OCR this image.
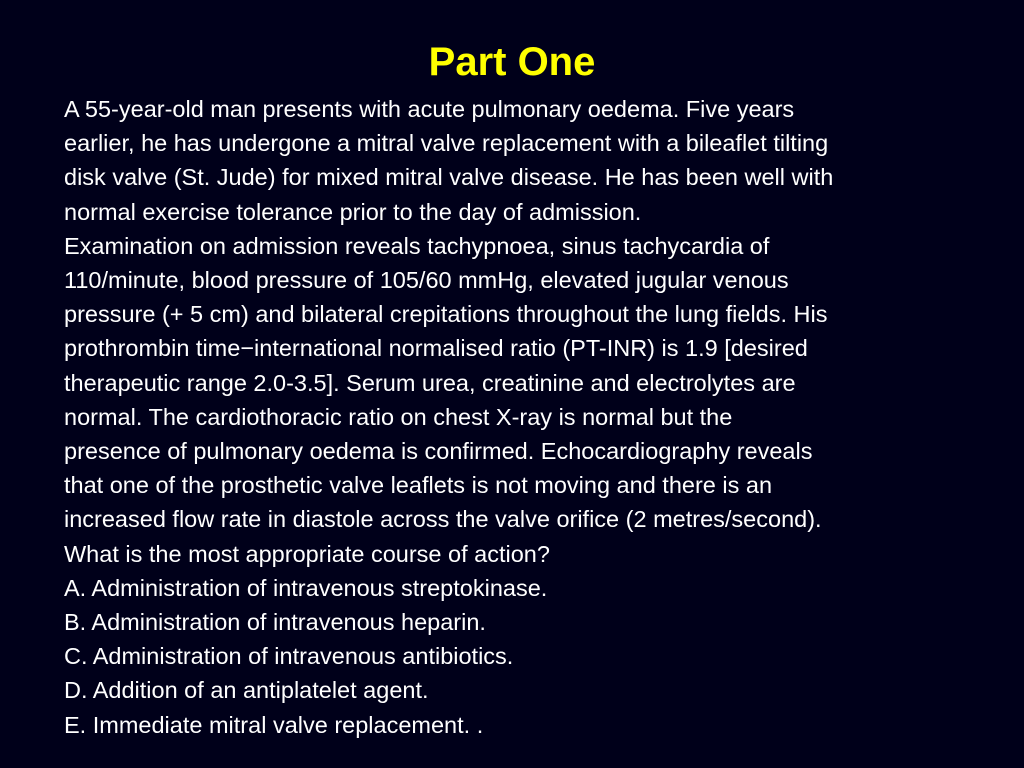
Part One
A 55-year-old man presents with acute pulmonary oedema. Five years
earlier, he has undergone a mitral valve replacement with a bileaflet tilting
disk valve (St. Jude) for mixed mitral valve disease. He has been well with
normal exercise tolerance prior to the day of admission.
Examination on admission reveals tachypnoea, sinus tachycardia of
110/minute, blood pressure of 105/60 mmHg, elevated jugular venous
pressure (+ 5 cm) and bilateral crepitations throughout the lung fields. His
prothrombin time−international normalised ratio (PT-INR) is 1.9 [desired
therapeutic range 2.0-3.5]. Serum urea, creatinine and electrolytes are
normal. The cardiothoracic ratio on chest X-ray is normal but the
presence of pulmonary oedema is confirmed. Echocardiography reveals
that one of the prosthetic valve leaflets is not moving and there is an
increased flow rate in diastole across the valve orifice (2 metres/second).
What is the most appropriate course of action?
A. Administration of intravenous streptokinase.
B. Administration of intravenous heparin.
C. Administration of intravenous antibiotics.
D. Addition of an antiplatelet agent.
E. Immediate mitral valve replacement. .
